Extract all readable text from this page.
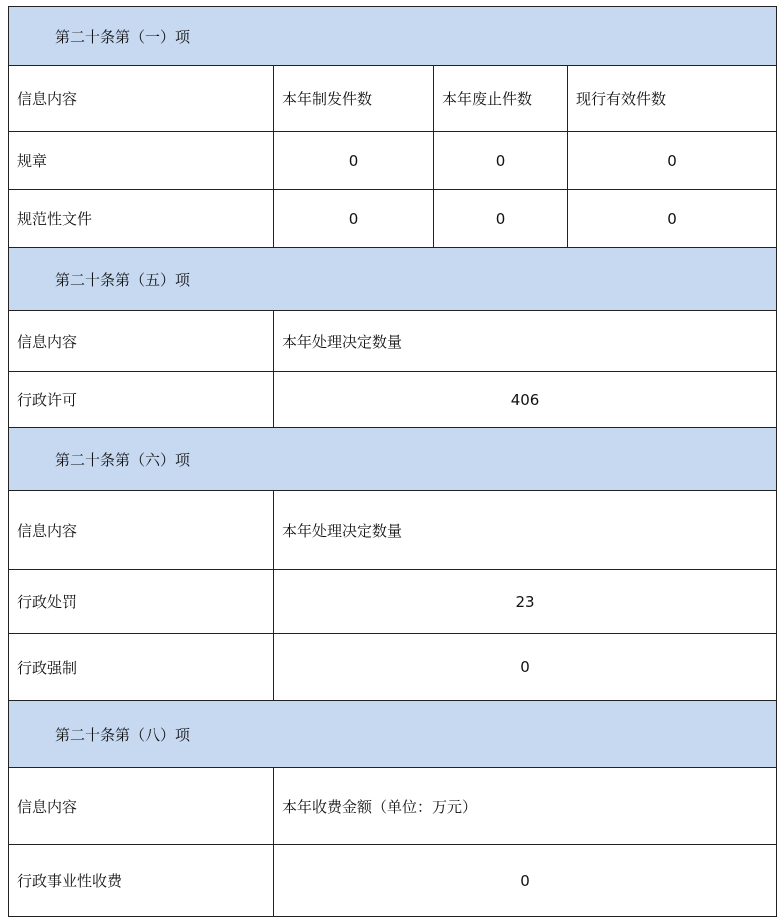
第二十条第（一）项			
信息内容	本年制发件数	本年废止件数	现行有效件数
规章	0	0	0
规范性文件	0	0	0
第二十条第（五）项			
信息内容	本年处理决定数量		
行政许可	406		
第二十条第（六）项			
信息内容	本年处理决定数量		
行政处罚	23		
行政强制	0		
第二十条第（八）项			
信息内容	本年收费金额（单位：万元）		
行政事业性收费	0		
